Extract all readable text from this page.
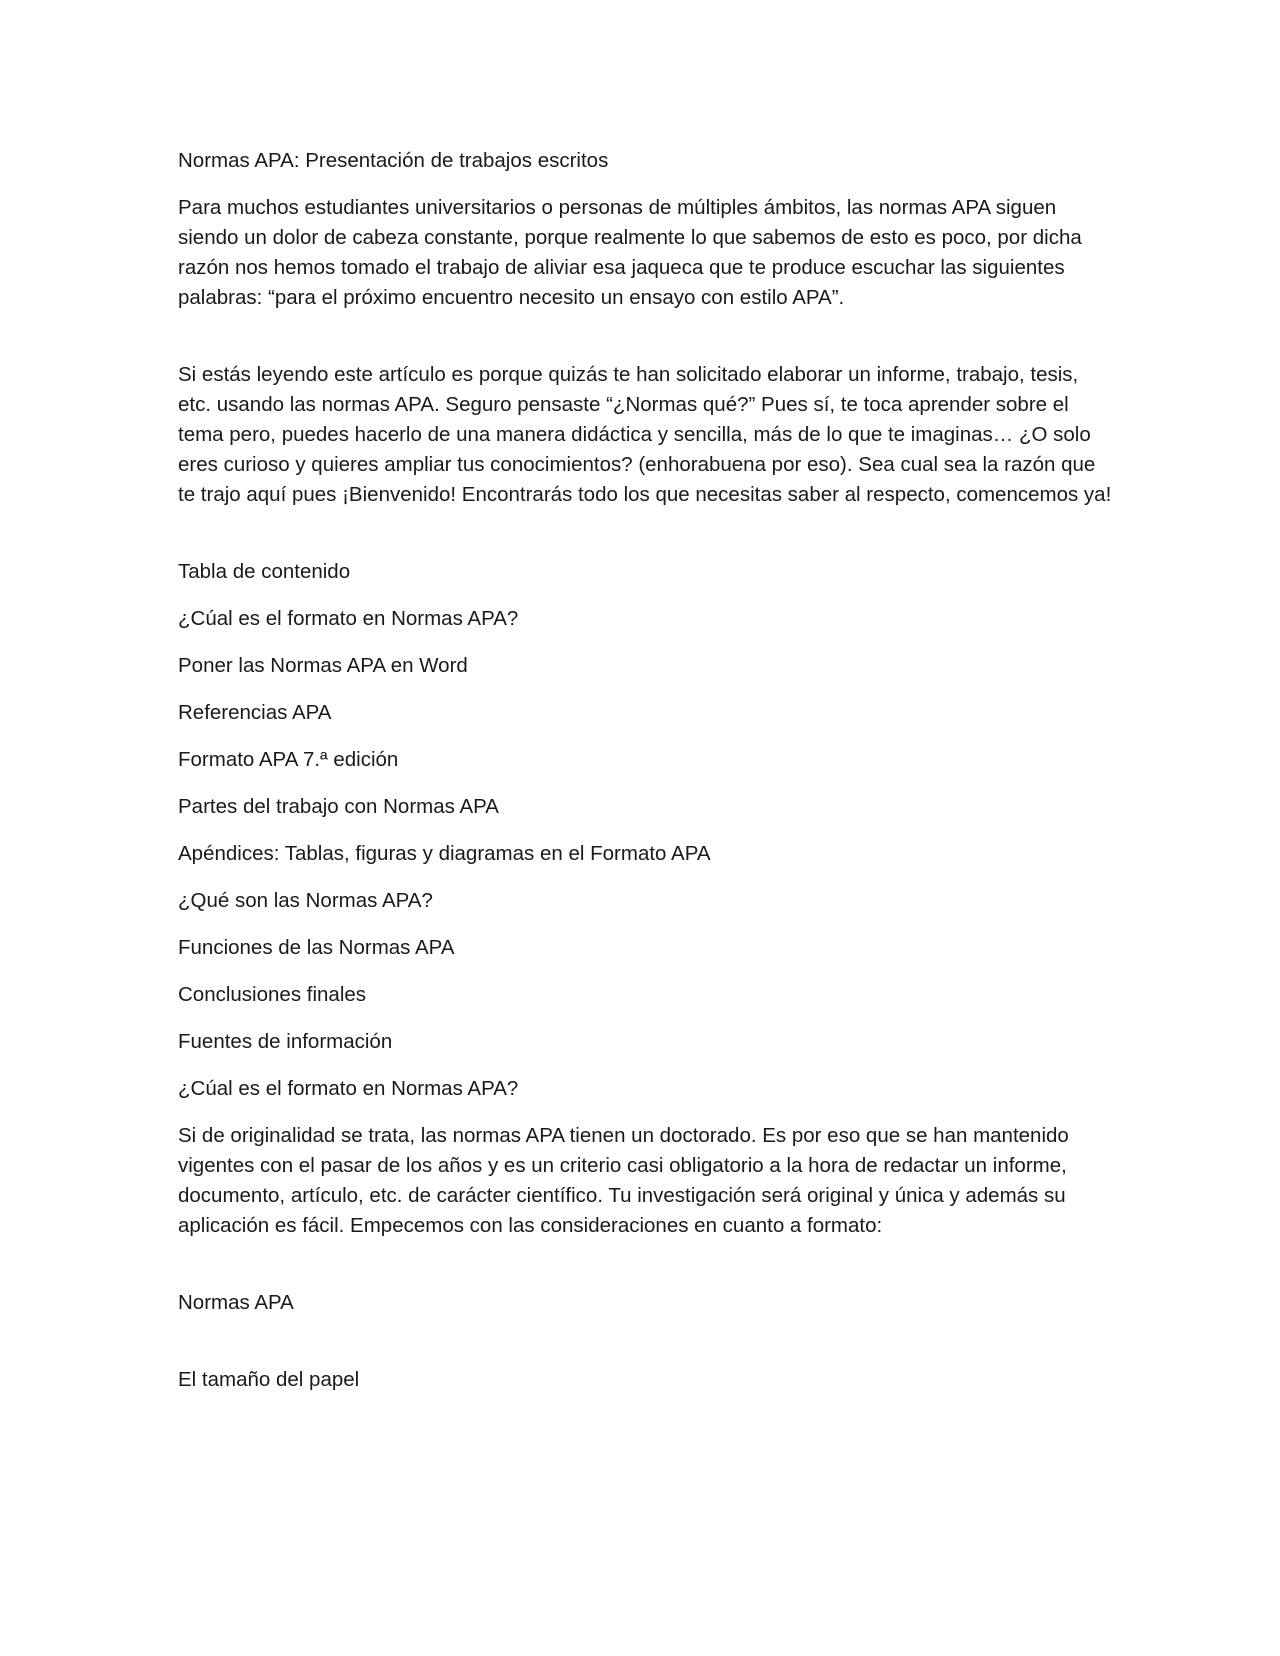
Normas APA: Presentación de trabajos escritos

Para muchos estudiantes universitarios o personas de múltiples ámbitos, las normas APA siguen siendo un dolor de cabeza constante, porque realmente lo que sabemos de esto es poco, por dicha razón nos hemos tomado el trabajo de aliviar esa jaqueca que te produce escuchar las siguientes palabras: “para el próximo encuentro necesito un ensayo con estilo APA”.

Si estás leyendo este artículo es porque quizás te han solicitado elaborar un informe, trabajo, tesis, etc. usando las normas APA. Seguro pensaste “¿Normas qué?” Pues sí, te toca aprender sobre el tema pero, puedes hacerlo de una manera didáctica y sencilla, más de lo que te imaginas… ¿O solo eres curioso y quieres ampliar tus conocimientos? (enhorabuena por eso). Sea cual sea la razón que te trajo aquí pues ¡Bienvenido! Encontrarás todo los que necesitas saber al respecto, comencemos ya!

Tabla de contenido

¿Cúal es el formato en Normas APA?

Poner las Normas APA en Word

Referencias APA

Formato APA 7.ª edición

Partes del trabajo con Normas APA

Apéndices: Tablas, figuras y diagramas en el Formato APA

¿Qué son las Normas APA?

Funciones de las Normas APA

Conclusiones finales

Fuentes de información

¿Cúal es el formato en Normas APA?

Si de originalidad se trata, las normas APA tienen un doctorado. Es por eso que se han mantenido vigentes con el pasar de los años y es un criterio casi obligatorio a la hora de redactar un informe, documento, artículo, etc. de carácter científico. Tu investigación será original y única y además su aplicación es fácil. Empecemos con las consideraciones en cuanto a formato:

Normas APA

El tamaño del papel
